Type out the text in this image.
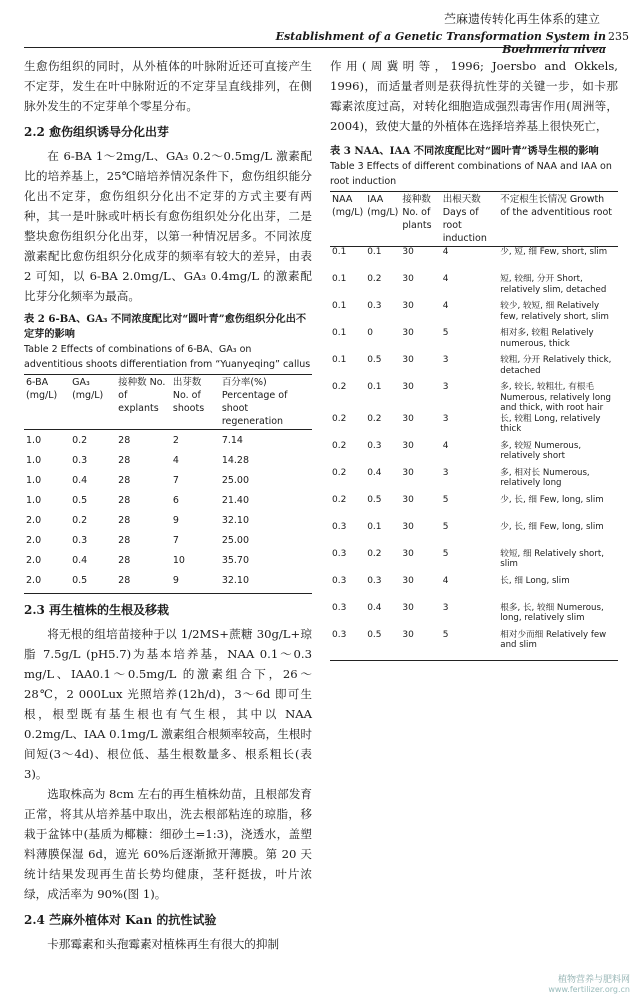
苎麻遗传转化再生体系的建立
Establishment of a Genetic Transformation System in Boehmeria nivea
235

生愈伤组织的同时，从外植体的叶脉附近还可直接产生不定芽，发生在叶中脉附近的不定芽呈直线排列，在侧脉外发生的不定芽单个零星分布。

2.2 愈伤组织诱导分化出芽

在 6-BA 1～2mg/L、GA₃ 0.2～0.5mg/L 激素配比的培养基上，25℃暗培养情况条件下，愈伤组织能分化出不定芽，愈伤组织分化出不定芽的方式主要有两种，其一是叶脉或叶柄长有愈伤组织处分化出芽，二是整块愈伤组织分化出芽，以第一种情况居多。不同浓度激素配比愈伤组织分化成芽的频率有较大的差异，由表 2 可知，以 6-BA 2.0mg/L、GA₃ 0.4mg/L 的激素配比芽分化频率为最高。

表 2 6-BA、GA₃ 不同浓度配比对“圆叶青”愈伤组织分化出不定芽的影响
Table 2 Effects of combinations of 6-BA、GA₃ on adventitious shoots differentiation from “Yuanyeqing” callus
6-BA (mg/L)	GA₃ (mg/L)	接种数 No. of explants	出芽数 No. of shoots	百分率(%) Percentage of shoot regeneration
1.0	0.2	28	2	7.14
1.0	0.3	28	4	14.28
1.0	0.4	28	7	25.00
1.0	0.5	28	6	21.40
2.0	0.2	28	9	32.10
2.0	0.3	28	7	25.00
2.0	0.4	28	10	35.70
2.0	0.5	28	9	32.10
2.3 再生植株的生根及移栽

将无根的组培苗接种于以 1/2MS+蔗糖 30g/L+琼脂 7.5g/L (pH5.7)为基本培养基，NAA 0.1～0.3 mg/L、IAA0.1～0.5mg/L 的激素组合下，26～28℃，2 000Lux 光照培养(12h/d)，3～6d 即可生根，根型既有基生根也有气生根，其中以 NAA 0.2mg/L、IAA 0.1mg/L 激素组合根频率较高，生根时间短(3～4d)、根位低、基生根数量多、根系粗长(表 3)。

选取株高为 8cm 左右的再生植株幼苗，且根部发育正常，将其从培养基中取出，洗去根部粘连的琼脂，移栽于盆钵中(基质为椰糠：细砂土=1:3)，浇透水，盖塑料薄膜保湿 6d，遮光 60%后逐渐掀开薄膜。第 20 天统计结果发现再生苗长势均健康，茎秆挺拔，叶片浓绿，成活率为 90%(图 1)。

2.4 苎麻外植体对 Kan 的抗性试验

卡那霉素和头孢霉素对植株再生有很大的抑制

作用(周冀明等，1996; Joersbo and Okkels, 1996)，而适量者则是获得抗性芽的关键一步，如卡那霉素浓度过高，对转化细胞造成强烈毒害作用(周洲等，2004)，致使大量的外植体在选择培养基上很快死亡，

表 3 NAA、IAA 不同浓度配比对“圆叶青”诱导生根的影响
Table 3 Effects of different combinations of NAA and IAA on root induction
NAA (mg/L)	IAA (mg/L)	接种数 No. of plants	出根天数 Days of root induction	不定根生长情况 Growth of the adventitious root
0.1	0.1	30	4	少, 短, 细 Few, short, slim
0.1	0.2	30	4	短, 较细, 分开 Short, relatively slim, detached
0.1	0.3	30	4	较少, 较短, 细 Relatively few, relatively short, slim
0.1	0	30	5	相对多, 较粗 Relatively numerous, thick
0.1	0.5	30	3	较粗, 分开 Relatively thick, detached
0.2	0.1	30	3	多, 较长, 较粗壮, 有根毛 Numerous, relatively long and thick, with root hair
0.2	0.2	30	3	长, 较粗 Long, relatively thick
0.2	0.3	30	4	多, 较短 Numerous, relatively short
0.2	0.4	30	3	多, 相对长 Numerous, relatively long
0.2	0.5	30	5	少, 长, 细 Few, long, slim
0.3	0.1	30	5	少, 长, 细 Few, long, slim
0.3	0.2	30	5	较短, 细 Relatively short, slim
0.3	0.3	30	4	长, 细 Long, slim
0.3	0.4	30	3	根多, 长, 较细 Numerous, long, relatively slim
0.3	0.5	30	5	相对少而细 Relatively few and slim
植物营养与肥料网
www.fertilizer.org.cn
